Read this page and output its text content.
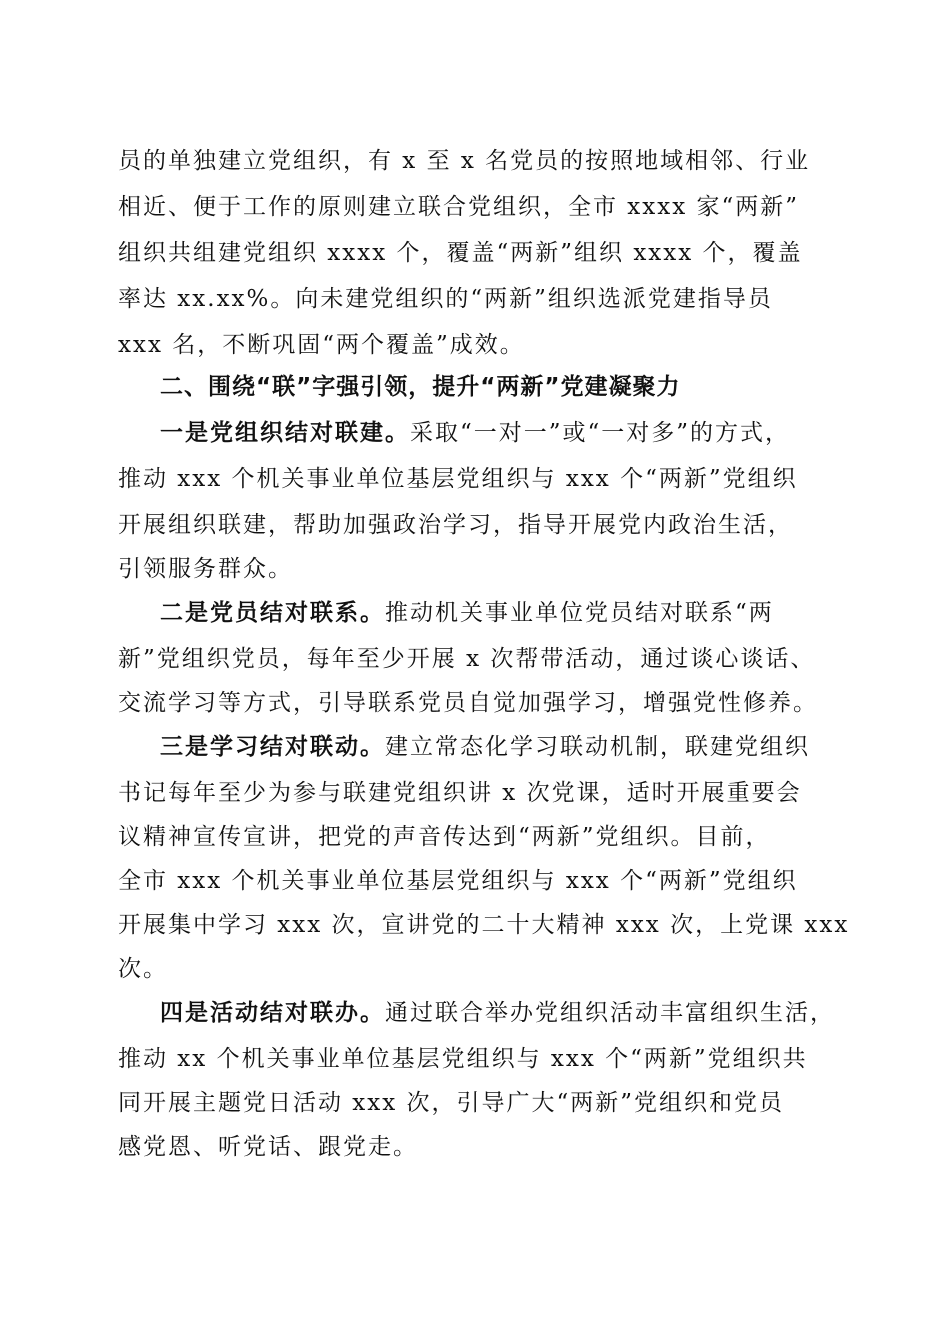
员的单独建立党组织，有 x 至 x 名党员的按照地域相邻、行业
相近、便于工作的原则建立联合党组织，全市 xxxx 家“两新”
组织共组建党组织 xxxx 个，覆盖“两新”组织 xxxx 个，覆盖
率达 xx.xx%。向未建党组织的“两新”组织选派党建指导员
xxx 名，不断巩固“两个覆盖”成效。
二、围绕“联”字强引领，提升“两新”党建凝聚力
一是党组织结对联建。采取“一对一”或“一对多”的方式，
推动 xxx 个机关事业单位基层党组织与 xxx 个“两新”党组织
开展组织联建，帮助加强政治学习，指导开展党内政治生活，
引领服务群众。
二是党员结对联系。推动机关事业单位党员结对联系“两
新”党组织党员，每年至少开展 x 次帮带活动，通过谈心谈话、
交流学习等方式，引导联系党员自觉加强学习，增强党性修养。
三是学习结对联动。建立常态化学习联动机制，联建党组织
书记每年至少为参与联建党组织讲 x 次党课，适时开展重要会
议精神宣传宣讲，把党的声音传达到“两新”党组织。目前，
全市 xxx 个机关事业单位基层党组织与 xxx 个“两新”党组织
开展集中学习 xxx 次，宣讲党的二十大精神 xxx 次，上党课 xxx
次。
四是活动结对联办。通过联合举办党组织活动丰富组织生活，
推动 xx 个机关事业单位基层党组织与 xxx 个“两新”党组织共
同开展主题党日活动 xxx 次，引导广大“两新”党组织和党员
感党恩、听党话、跟党走。
